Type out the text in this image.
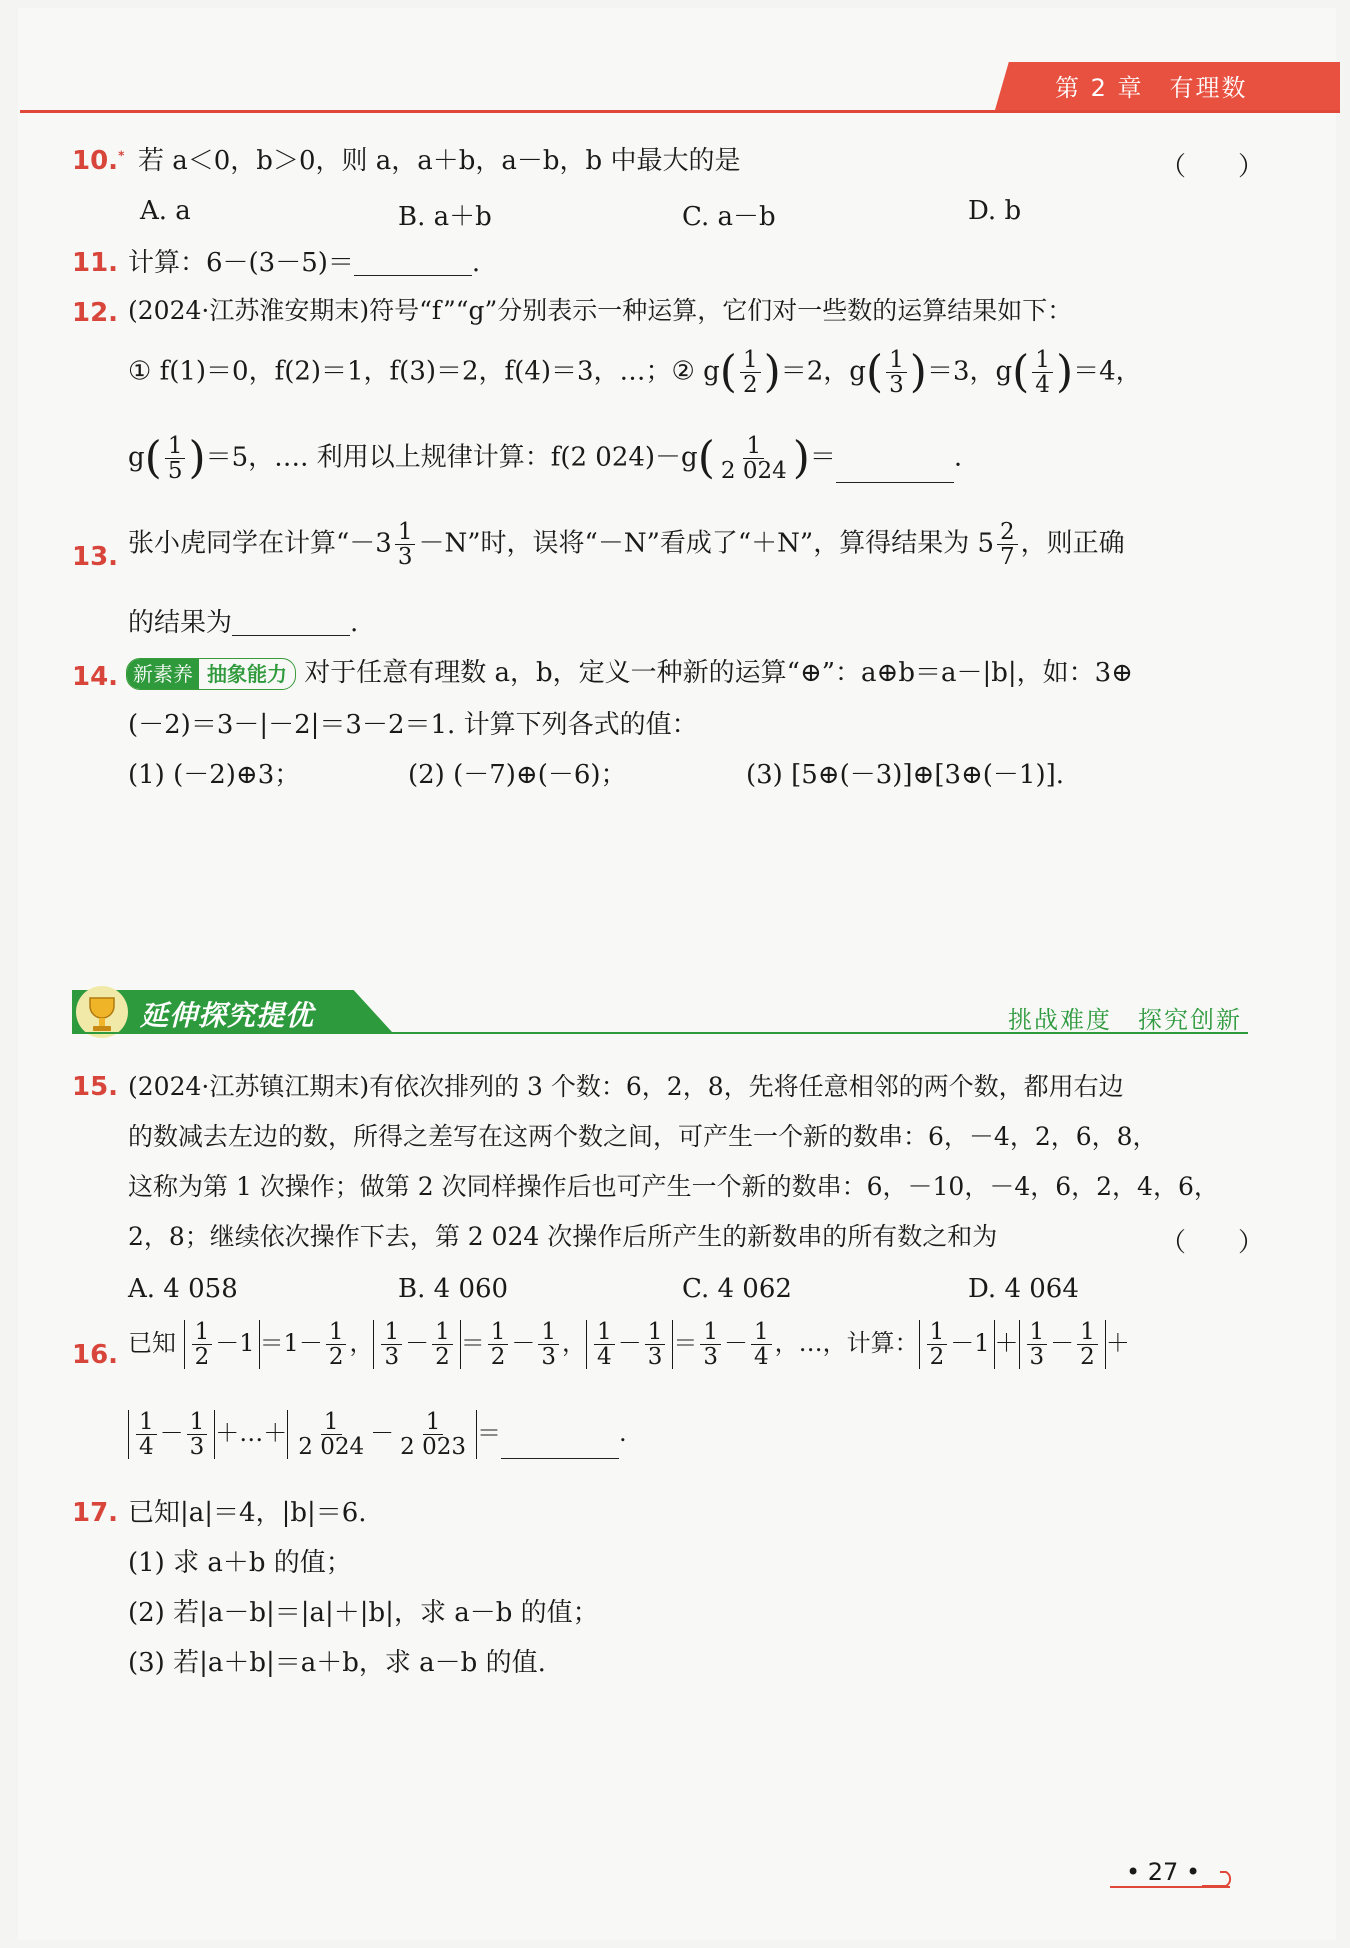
第 2 章　有理数
10.* 若 a＜0，b＞0，则 a，a＋b，a－b，b 中最大的是	（　　）
A. a	B. a＋b	C. a－b	D. b
11. 计算：6－(3－5)＝	.
12. (2024·江苏淮安期末)符号“f”“g”分别表示一种运算，它们对一些数的运算结果如下：
① f(1)＝0，f(2)＝1，f(3)＝2，f(4)＝3，…；② $g( \frac{1}{2} )=2$，$g( \frac{1}{3} )=3$，$g( \frac{1}{4} )=4$，
$g( \frac{1}{5} )=5$，…. 利用以上规律计算：f(2 $024)-g( \frac{1}{2 024}$ )＝	.
13. 张小虎同学在计算“$-3 \frac{1}{3} -N$”时，误将“－N”看成了“＋N”，算得结果为 $5 \frac{2}{7}$ ，则正确
的结果为	.
14. 新素养 抽象能力 对于任意有理数 a，b，定义一种新的运算“⊕”：a⊕b＝a－|b|，如：3⊕
(－2)＝3－|－2|＝3－2＝1. 计算下列各式的值：
(1) (－2)⊕3；	(2) (－7)⊕(－6)；	(3) [5⊕(－3)]⊕[3⊕(－1)].
延伸探究提优	挑战难度　探究创新
15. (2024·江苏镇江期末)有依次排列的 3 个数：6，2，8，先将任意相邻的两个数，都用右边
的数减去左边的数，所得之差写在这两个数之间，可产生一个新的数串：6，－4，2，6，8，
这称为第 1 次操作；做第 2 次同样操作后也可产生一个新的数串：6，－10，－4，6，2，4，6，
2，8；继续依次操作下去，第 2 024 次操作后所产生的新数串的所有数之和为	（　　）
A. 4 058	B. 4 060	C. 4 062	D. 4 064
16. 已知 $\frac{1}{2} -1 =1- \frac{1}{2}$ ， $\frac{1}{3} - \frac{1}{2} = \frac{1}{2} - \frac{1}{3}$ ， $\frac{1}{4} - \frac{1}{3} = \frac{1}{3} - \frac{1}{4}$ ，…，计算： $\frac{1}{2} -1 + \frac{1}{3} - \frac{1}{2}$ ＋
$\frac{1}{4} - \frac{1}{3}$ ＋…＋ $\frac{1}{2 024} - \frac{1}{2 023}$ ＝	.
17. 已知|a|＝4，|b|＝6.
(1) 求 a＋b 的值；
(2) 若|a－b|＝|a|＋|b|，求 a－b 的值；
(3) 若|a＋b|＝a＋b，求 a－b 的值.
• 27 •
